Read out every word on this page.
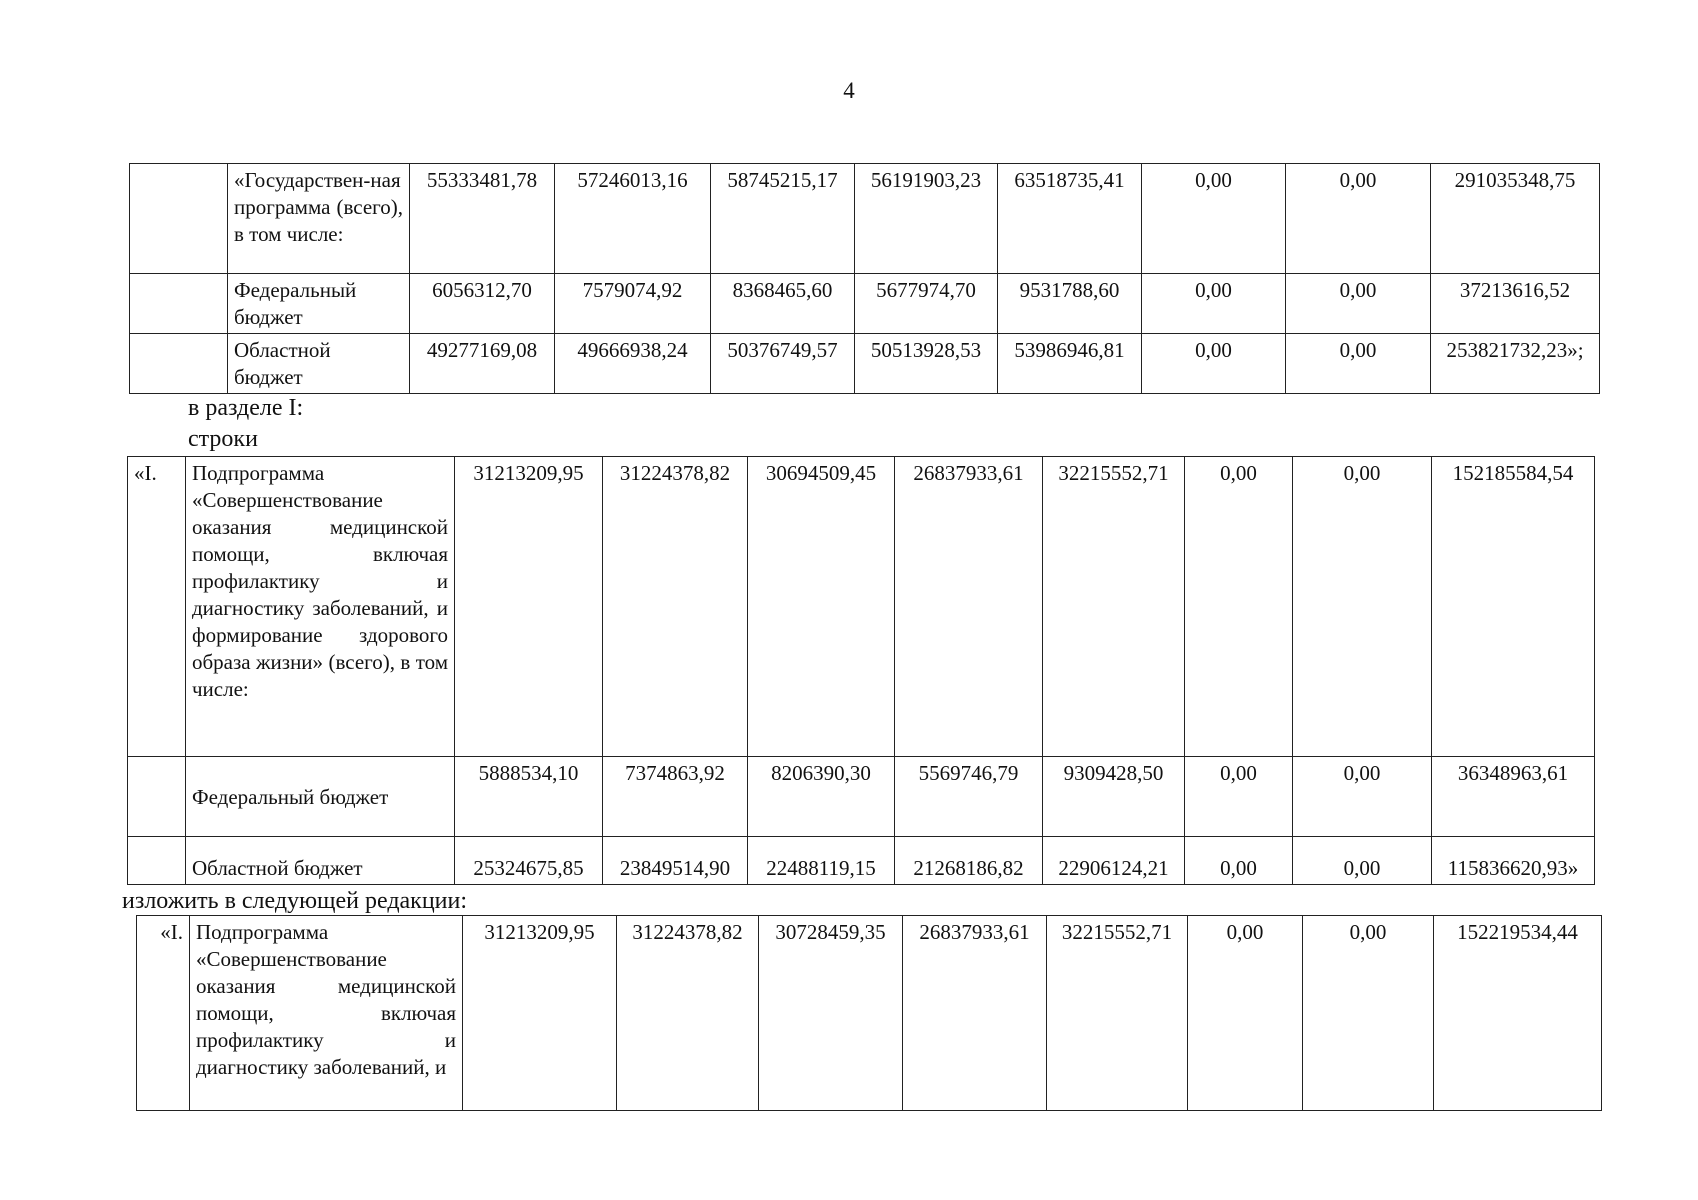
4
	«Государствен-ная программа (всего), в том числе:	55333481,78	57246013,16	58745215,17	56191903,23	63518735,41	0,00	0,00	291035348,75
	Федеральный бюджет	6056312,70	7579074,92	8368465,60	5677974,70	9531788,60	0,00	0,00	37213616,52
	Областной бюджет	49277169,08	49666938,24	50376749,57	50513928,53	53986946,81	0,00	0,00	253821732,23»;
в разделе I:
строки
«I.	Подпрограмма «Совершенствование оказания медицинской помощи, включая профилактику и диагностику заболеваний, и формирование здорового образа жизни» (всего), в том числе:	31213209,95	31224378,82	30694509,45	26837933,61	32215552,71	0,00	0,00	152185584,54
	Федеральный бюджет	5888534,10	7374863,92	8206390,30	5569746,79	9309428,50	0,00	0,00	36348963,61
	Областной бюджет	25324675,85	23849514,90	22488119,15	21268186,82	22906124,21	0,00	0,00	115836620,93»
изложить в следующей редакции:
«I.	Подпрограмма «Совершенствование оказания медицинской помощи, включая профилактику и диагностику заболеваний, и	31213209,95	31224378,82	30728459,35	26837933,61	32215552,71	0,00	0,00	152219534,44
